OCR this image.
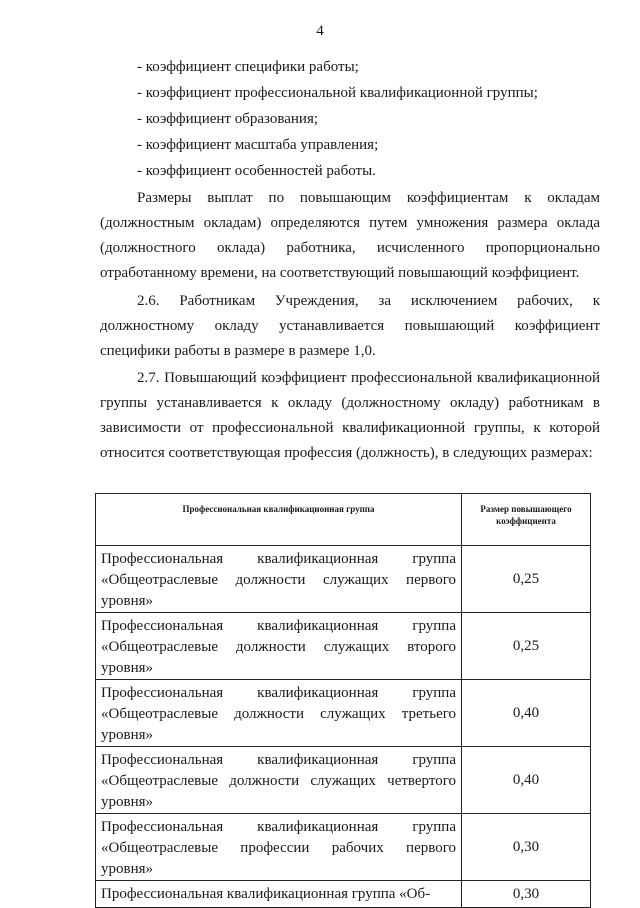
4
- коэффициент специфики работы;
- коэффициент профессиональной квалификационной группы;
- коэффициент образования;
- коэффициент масштаба управления;
- коэффициент особенностей работы.

Размеры выплат по повышающим коэффициентам к окладам (должностным окладам) определяются путем умножения размера оклада (должностного оклада) работника, исчисленного пропорционально отработанному времени, на соответствующий повышающий коэффициент.

2.6. Работникам Учреждения, за исключением рабочих, к должностному окладу устанавливается повышающий коэффициент специфики работы в размере в размере 1,0.

2.7. Повышающий коэффициент профессиональной квалификационной группы устанавливается к окладу (должностному окладу) работникам в зависимости от профессиональной квалификационной группы, к которой относится соответствующая профессия (должность), в следующих размерах:

Профессиональная квалификационная группа	Размер повышающего коэффициента
Профессиональная квалификационная группа «Общеотраслевые должности служащих первого уровня»	0,25
Профессиональная квалификационная группа «Общеотраслевые должности служащих второго уровня»	0,25
Профессиональная квалификационная группа «Общеотраслевые должности служащих третьего уровня»	0,40
Профессиональная квалификационная группа «Общеотраслевые должности служащих четвертого уровня»	0,40
Профессиональная квалификационная группа «Общеотраслевые профессии рабочих первого уровня»	0,30
Профессиональная квалификационная группа «Об-	0,30
